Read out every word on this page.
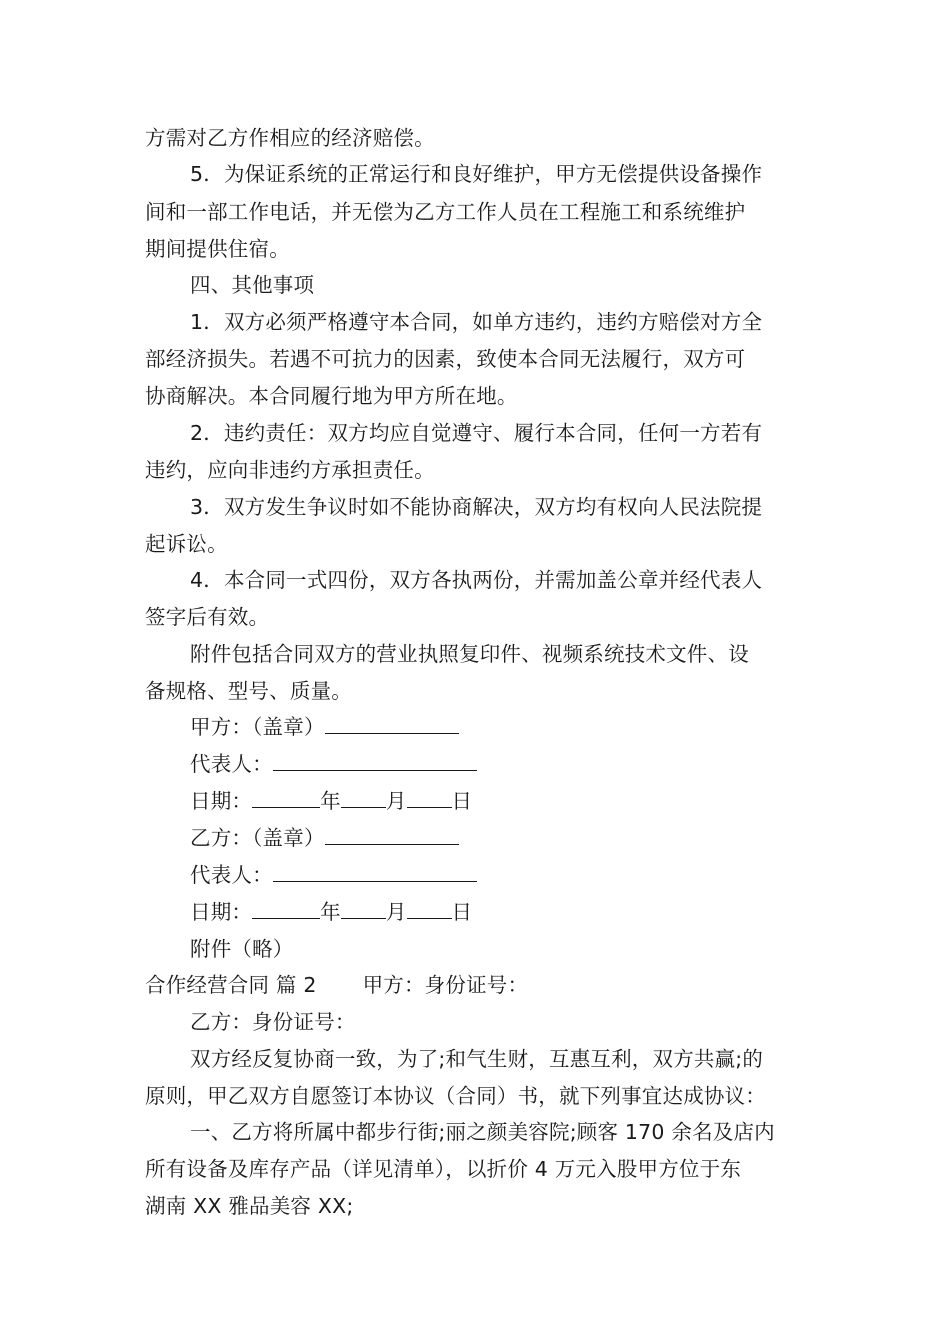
方需对乙方作相应的经济赔偿。
5．为保证系统的正常运行和良好维护，甲方无偿提供设备操作
间和一部工作电话，并无偿为乙方工作人员在工程施工和系统维护
期间提供住宿。
四、其他事项
1．双方必须严格遵守本合同，如单方违约，违约方赔偿对方全
部经济损失。若遇不可抗力的因素，致使本合同无法履行，双方可
协商解决。本合同履行地为甲方所在地。
2．违约责任：双方均应自觉遵守、履行本合同，任何一方若有
违约，应向非违约方承担责任。
3．双方发生争议时如不能协商解决，双方均有权向人民法院提
起诉讼。
4．本合同一式四份，双方各执两份，并需加盖公章并经代表人
签字后有效。
附件包括合同双方的营业执照复印件、视频系统技术文件、设
备规格、型号、质量。
甲方：（盖章）
代表人：
日期：	年 月 日
乙方：（盖章）
代表人：
日期：	年 月 日
附件（略）
合作经营合同 篇 2 甲方：身份证号：
乙方：身份证号：
双方经反复协商一致，为了;和气生财，互惠互利，双方共赢;的
原则，甲乙双方自愿签订本协议（合同）书，就下列事宜达成协议：
一、乙方将所属中都步行街;丽之颜美容院;顾客 170 余名及店内
所有设备及库存产品（详见清单），以折价 4 万元入股甲方位于东
湖南 XX 雅品美容 XX;
